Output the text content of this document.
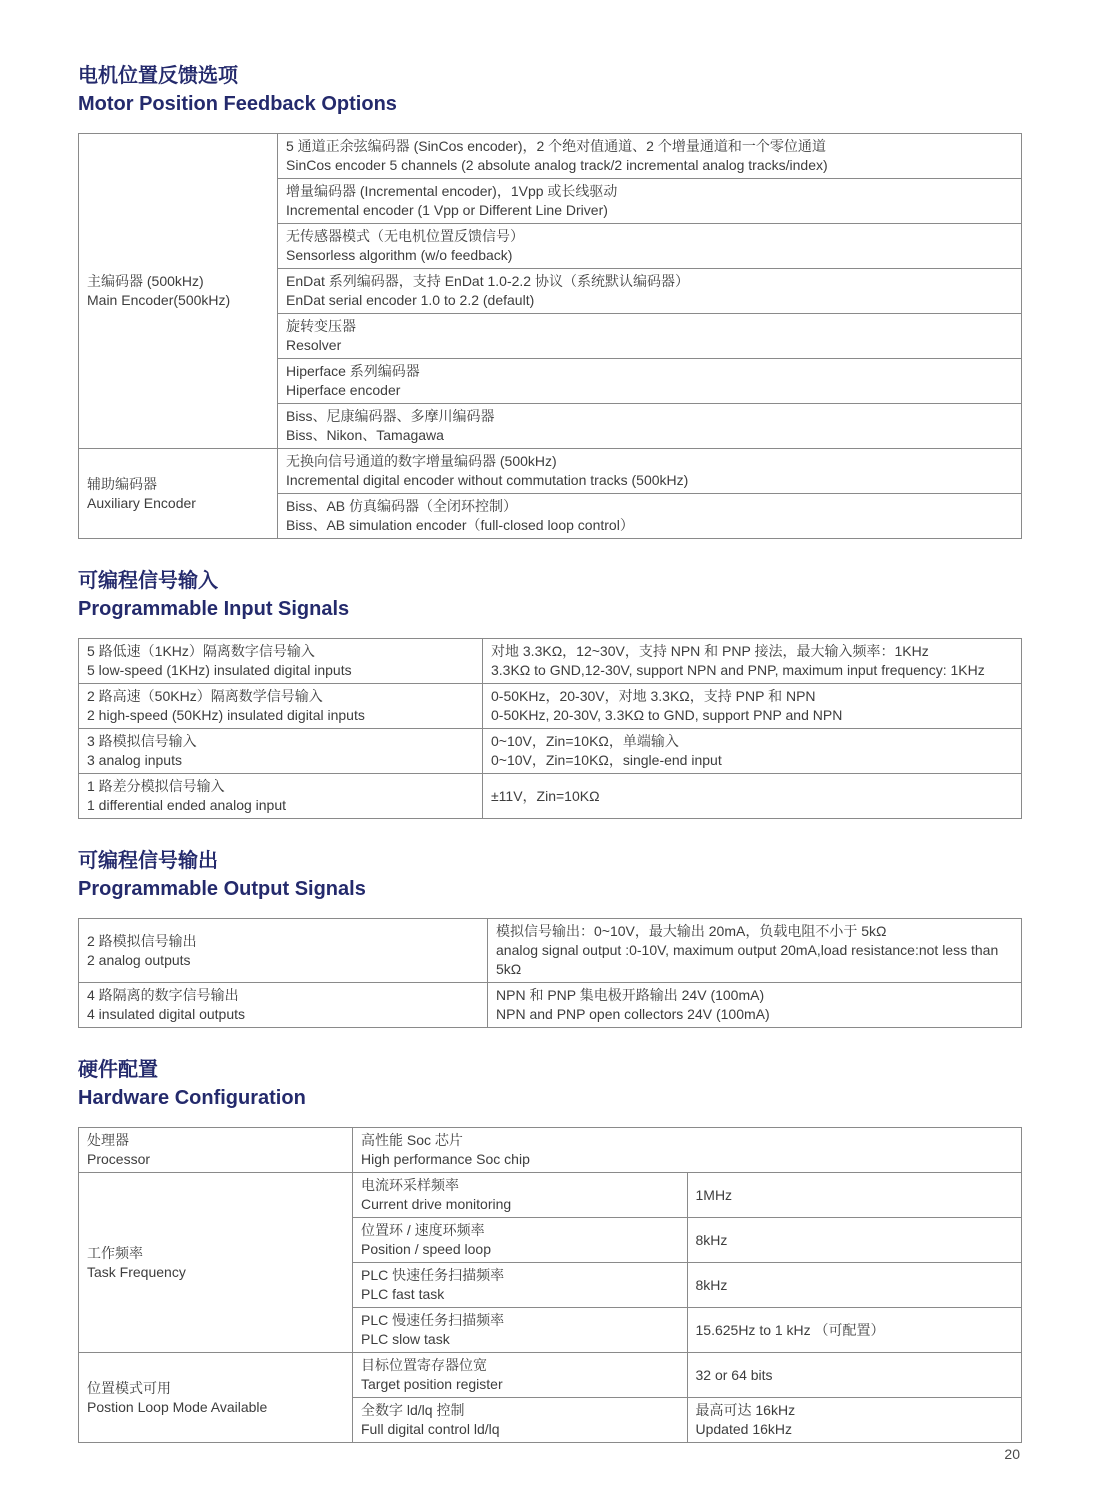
电机位置反馈选项
Motor Position Feedback Options
主编码器 (500kHz)
Main Encoder(500kHz)	5 通道正余弦编码器 (SinCos encoder)，2 个绝对值通道、2 个增量通道和一个零位通道
SinCos encoder 5 channels (2 absolute analog track/2 incremental analog tracks/index)

	增量编码器 (Incremental encoder)，1Vpp 或长线驱动
Incremental encoder (1 Vpp or Different Line Driver)

	无传感器模式（无电机位置反馈信号）
Sensorless algorithm (w/o feedback)

	EnDat 系列编码器，支持 EnDat 1.0-2.2 协议（系统默认编码器）
EnDat serial encoder 1.0 to 2.2 (default)

	旋转变压器
Resolver

	Hiperface 系列编码器
Hiperface encoder

	Biss、尼康编码器、多摩川编码器
Biss、Nikon、Tamagawa

辅助编码器
Auxiliary Encoder	无换向信号通道的数字增量编码器 (500kHz)
Incremental digital encoder without commutation tracks (500kHz)

	Biss、AB 仿真编码器（全闭环控制）
Biss、AB simulation encoder（full-closed loop control）
可编程信号输入
Programmable Input Signals
5 路低速（1KHz）隔离数字信号输入
5 low-speed (1KHz) insulated digital inputs	对地 3.3KΩ，12~30V，支持 NPN 和 PNP 接法，最大输入频率：1KHz
3.3KΩ to GND,12-30V, support NPN and PNP, maximum input frequency: 1KHz

2 路高速（50KHz）隔离数学信号输入
2 high-speed (50KHz) insulated digital inputs	0-50KHz，20-30V，对地 3.3KΩ，支持 PNP 和 NPN
0-50KHz, 20-30V, 3.3KΩ to GND, support PNP and NPN

3 路模拟信号输入
3 analog inputs	0~10V，Zin=10KΩ，单端输入
0~10V，Zin=10KΩ，single-end input

1 路差分模拟信号输入
1 differential ended analog input	±11V，Zin=10KΩ
可编程信号输出
Programmable Output Signals
2 路模拟信号输出
2 analog outputs	模拟信号输出：0~10V，最大输出 20mA，负载电阻不小于 5kΩ
analog signal output :0-10V, maximum output 20mA,load resistance:not less than 5kΩ

4 路隔离的数字信号输出
4 insulated digital outputs	NPN 和 PNP 集电极开路输出 24V (100mA)
NPN and PNP open collectors 24V (100mA)
硬件配置
Hardware Configuration
处理器
Processor	高性能 Soc 芯片
High performance Soc chip	

工作频率
Task Frequency	电流环采样频率
Current drive monitoring	1MHz

	位置环 / 速度环频率
Position / speed loop	8kHz

	PLC 快速任务扫描频率
PLC fast task	8kHz

	PLC 慢速任务扫描频率
PLC slow task	15.625Hz to 1 kHz （可配置）

位置模式可用
Postion Loop Mode Available	目标位置寄存器位宽
Target position register	32 or 64 bits

	全数字 ld/lq 控制
Full digital control ld/lq	最高可达 16kHz
Updated 16kHz
20
